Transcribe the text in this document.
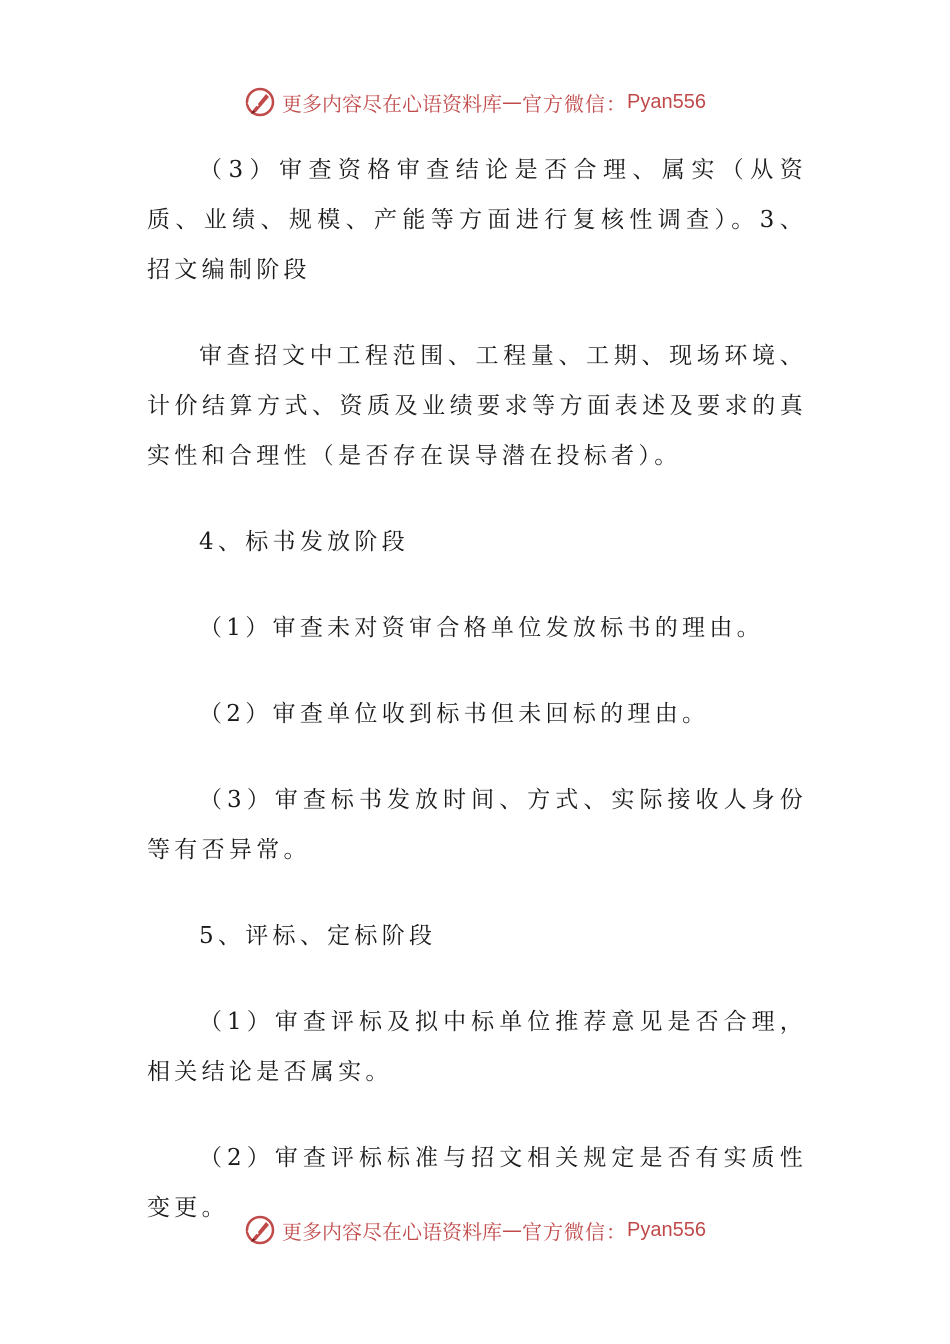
更多内容尽在心语资料库 — 官方微信： Pyan556

（3）审查资格审查结论是否合理、属实（从资质、业绩、规模、产能等方面进行复核性调查）。3、招文编制阶段

审查招文中工程范围、工程量、工期、现场环境、计价结算方式、资质及业绩要求等方面表述及要求的真实性和合理性（是否存在误导潜在投标者）。

4、标书发放阶段

（1）审查未对资审合格单位发放标书的理由。

（2）审查单位收到标书但未回标的理由。

（3）审查标书发放时间、方式、实际接收人身份等有否异常。

5、评标、定标阶段

（1）审查评标及拟中标单位推荐意见是否合理，相关结论是否属实。

（2）审查评标标准与招文相关规定是否有实质性变更。

更多内容尽在心语资料库 — 官方微信： Pyan556
